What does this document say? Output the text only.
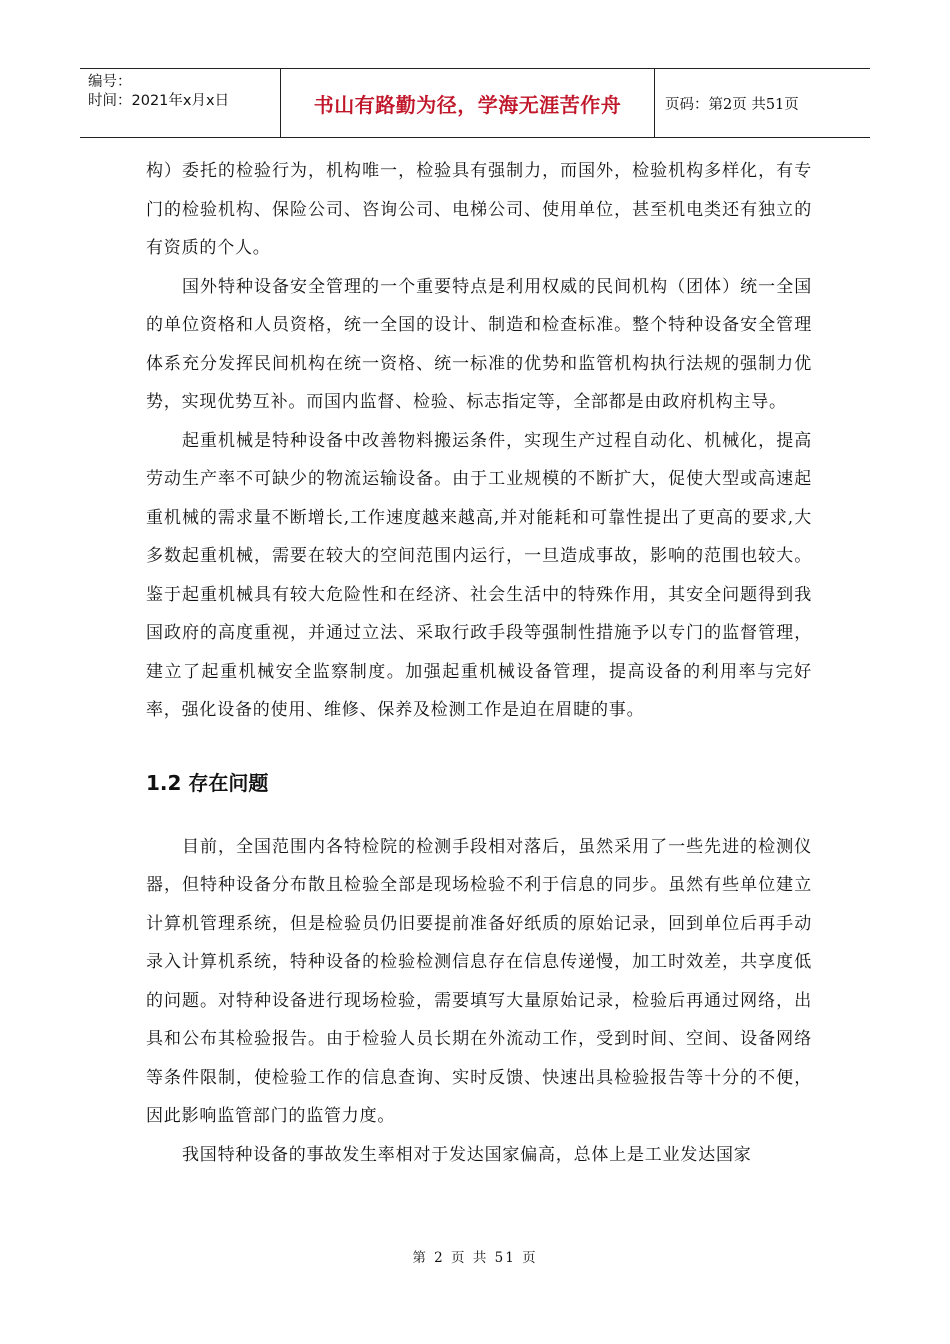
编号：
时间：2021年x月x日	书山有路勤为径，学海无涯苦作舟	页码：第2页 共51页

构）委托的检验行为，机构唯一，检验具有强制力，而国外，检验机构多样化，有专门的检验机构、保险公司、咨询公司、电梯公司、使用单位，甚至机电类还有独立的有资质的个人。

国外特种设备安全管理的一个重要特点是利用权威的民间机构（团体）统一全国的单位资格和人员资格，统一全国的设计、制造和检查标准。整个特种设备安全管理体系充分发挥民间机构在统一资格、统一标准的优势和监管机构执行法规的强制力优势，实现优势互补。而国内监督、检验、标志指定等，全部都是由政府机构主导。

起重机械是特种设备中改善物料搬运条件，实现生产过程自动化、机械化，提高劳动生产率不可缺少的物流运输设备。由于工业规模的不断扩大，促使大型或高速起重机械的需求量不断增长,工作速度越来越高,并对能耗和可靠性提出了更高的要求,大多数起重机械，需要在较大的空间范围内运行，一旦造成事故，影响的范围也较大。 鉴于起重机械具有较大危险性和在经济、社会生活中的特殊作用，其安全问题得到我国政府的高度重视，并通过立法、采取行政手段等强制性措施予以专门的监督管理，建立了起重机械安全监察制度。加强起重机械设备管理，提高设备的利用率与完好率，强化设备的使用、维修、保养及检测工作是迫在眉睫的事。

1.2 存在问题

目前，全国范围内各特检院的检测手段相对落后，虽然采用了一些先进的检测仪器，但特种设备分布散且检验全部是现场检验不利于信息的同步。虽然有些单位建立计算机管理系统，但是检验员仍旧要提前准备好纸质的原始记录，回到单位后再手动录入计算机系统，特种设备的检验检测信息存在信息传递慢，加工时效差，共享度低的问题。对特种设备进行现场检验，需要填写大量原始记录，检验后再通过网络，出具和公布其检验报告。由于检验人员长期在外流动工作，受到时间、空间、设备网络等条件限制，使检验工作的信息查询、实时反馈、快速出具检验报告等十分的不便，因此影响监管部门的监管力度。

我国特种设备的事故发生率相对于发达国家偏高，总体上是工业发达国家

第 2 页 共 51 页
